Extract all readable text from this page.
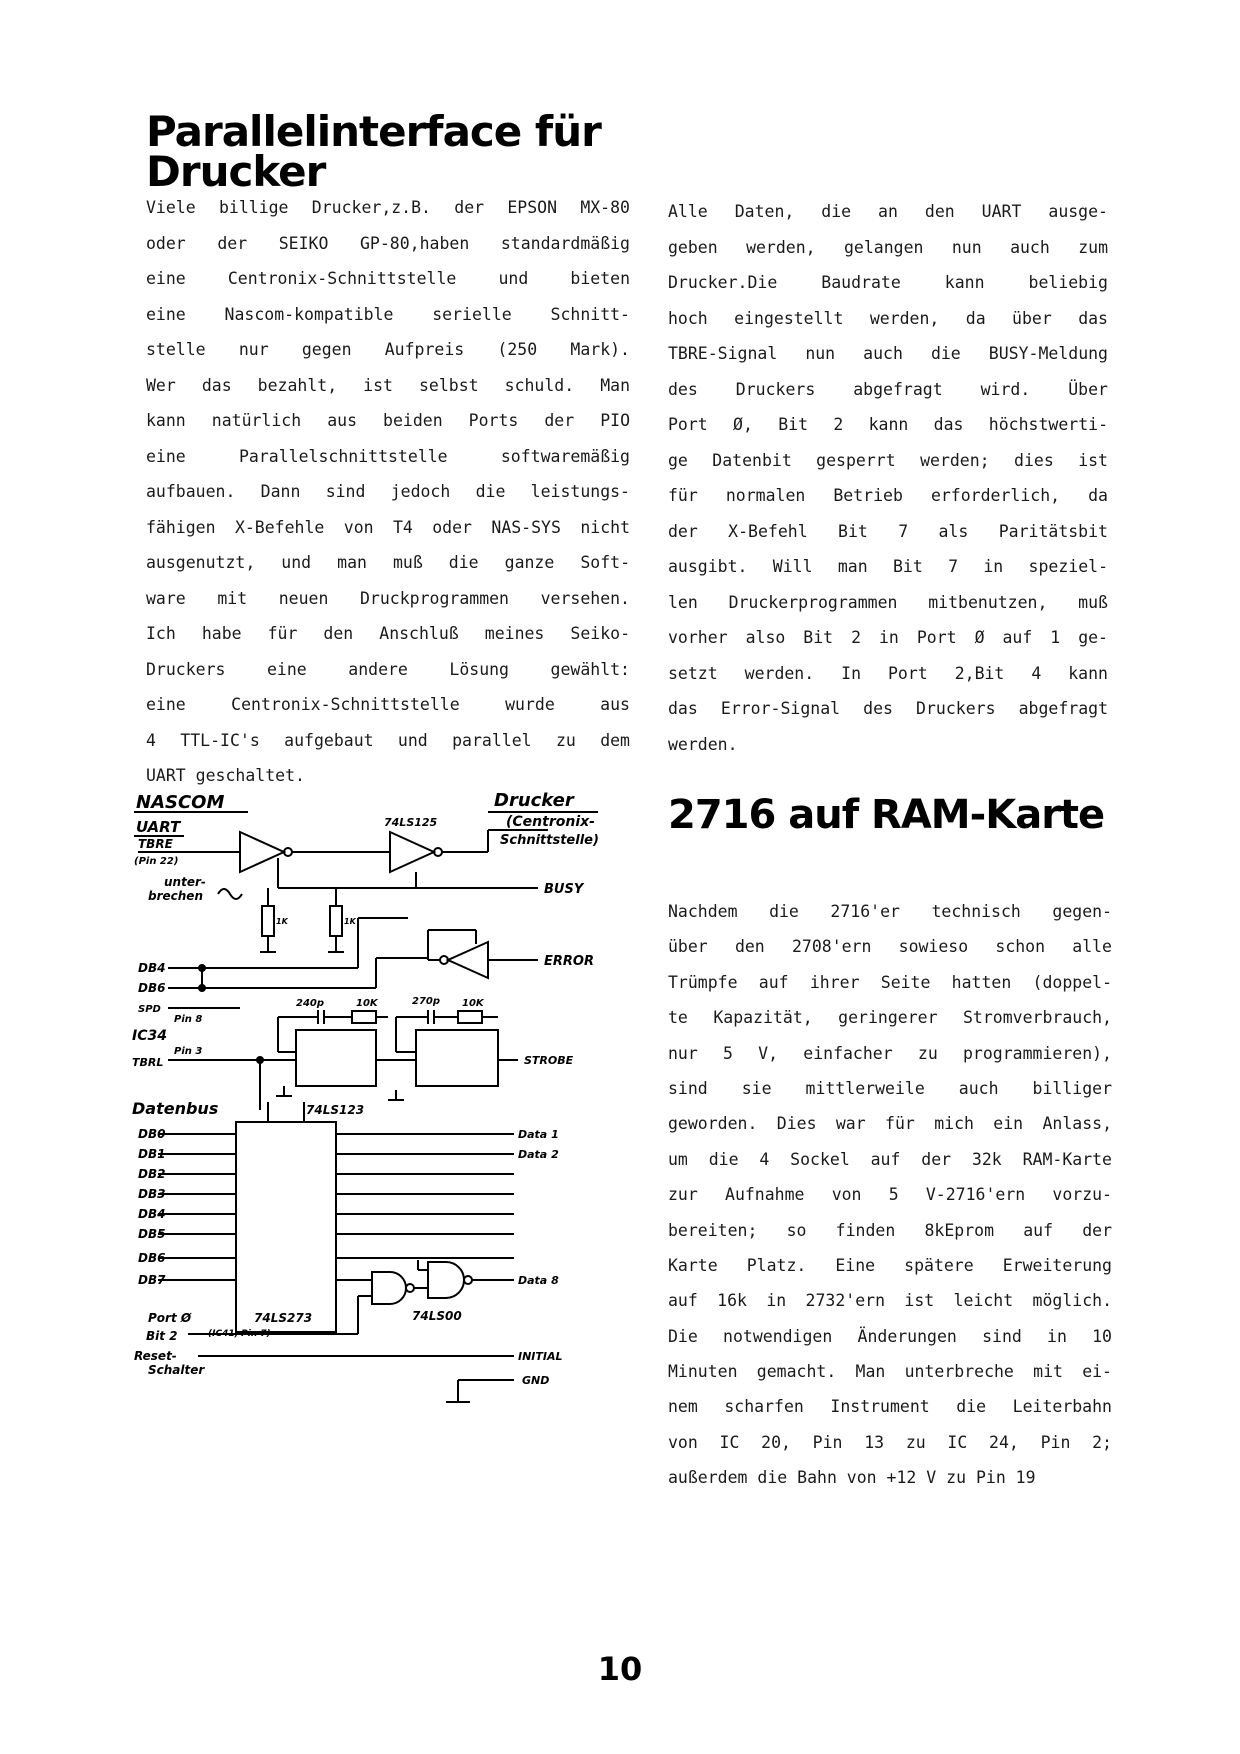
Parallelinterface für
Drucker

Viele billige Drucker,z.B. der EPSON MX-80

oder der SEIKO GP-80,haben standardmäßig

eine Centronix-Schnittstelle und bieten

eine Nascom-kompatible serielle Schnitt-

stelle nur gegen Aufpreis (250 Mark).

Wer das bezahlt, ist selbst schuld. Man

kann natürlich aus beiden Ports der PIO

eine Parallelschnittstelle softwaremäßig

aufbauen. Dann sind jedoch die leistungs-

fähigen X-Befehle von T4 oder NAS-SYS nicht

ausgenutzt, und man muß die ganze Soft-

ware mit neuen Druckprogrammen versehen.

Ich habe für den Anschluß meines Seiko-

Druckers eine andere Lösung gewählt:

eine Centronix-Schnittstelle wurde aus

4 TTL-IC's aufgebaut und parallel zu dem

UART geschaltet.

Alle Daten, die an den UART ausge-

geben werden, gelangen nun auch zum

Drucker.Die Baudrate kann beliebig

hoch eingestellt werden, da über das

TBRE-Signal nun auch die BUSY-Meldung

des Druckers abgefragt wird. Über

Port Ø, Bit 2 kann das höchstwerti-

ge Datenbit gesperrt werden; dies ist

für normalen Betrieb erforderlich, da

der X-Befehl Bit 7 als Paritätsbit

ausgibt. Will man Bit 7 in speziel-

len Druckerprogrammen mitbenutzen, muß

vorher also Bit 2 in Port Ø auf 1 ge-

setzt werden. In Port 2,Bit 4 kann

das Error-Signal des Druckers abgefragt

werden.

2716 auf RAM-Karte

Nachdem die 2716'er technisch gegen-

über den 2708'ern sowieso schon alle

Trümpfe auf ihrer Seite hatten (doppel-

te Kapazität, geringerer Stromverbrauch,

nur 5 V, einfacher zu programmieren),

sind sie mittlerweile auch billiger

geworden. Dies war für mich ein Anlass,

um die 4 Sockel auf der 32k RAM-Karte

zur Aufnahme von 5 V-2716'ern vorzu-

bereiten; so finden 8kEprom auf der

Karte Platz. Eine spätere Erweiterung

auf 16k in 2732'ern ist leicht möglich.

Die notwendigen Änderungen sind in 10

Minuten gemacht. Man unterbreche mit ei-

nem scharfen Instrument die Leiterbahn

von IC 20, Pin 13 zu IC 24, Pin 2;

außerdem die Bahn von +12 V zu Pin 19

NASCOM
UART
TBRE
(Pin 22)
unter-
brechen
Drucker
(Centronix-
Schnittstelle)
74LS125
BUSY
ERROR
DB4
DB6
SPD
Pin 8
IC34
Pin 3
TBRL
240p	10K	270p 10K
1K	1K
74LS123
STROBE
Datenbus
DB0
DB1
DB2
DB3
DB4
DB5
DB6
DB7
Data 1
Data 2
Data 8
74LS00
74LS273
Port Ø
Bit 2	(IC41, Pin 7)
Reset-
Schalter
INITIAL
GND
10
